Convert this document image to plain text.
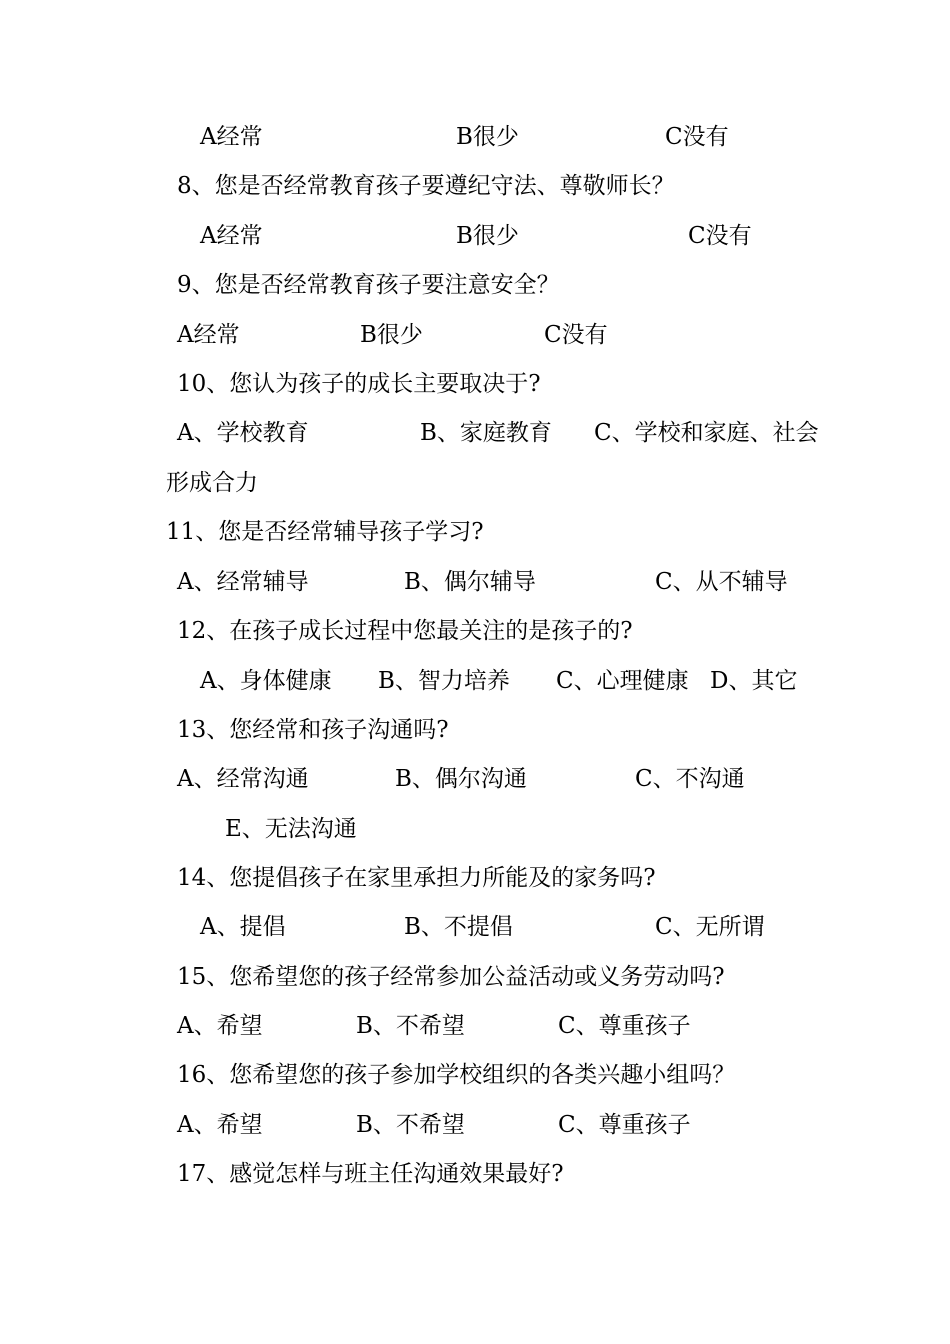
A经常	B很少	C没有
8、您是否经常教育孩子要遵纪守法、尊敬师长？
A经常	B很少	C没有
9、您是否经常教育孩子要注意安全？
A经常	B很少	C没有
10、您认为孩子的成长主要取决于?
A、学校教育	B、家庭教育 C、学校和家庭、社会
形成合力
11、您是否经常辅导孩子学习?
A、经常辅导	B、偶尔辅导	C、从不辅导
12、在孩子成长过程中您最关注的是孩子的?
A、身体健康 B、智力培养 C、心理健康 D、其它
13、您经常和孩子沟通吗?
A、经常沟通	B、偶尔沟通	C、不沟通
E、无法沟通
14、您提倡孩子在家里承担力所能及的家务吗?
A、提倡	B、不提倡	C、无所谓
15、您希望您的孩子经常参加公益活动或义务劳动吗?
A、希望	B、不希望	C、尊重孩子
16、您希望您的孩子参加学校组织的各类兴趣小组吗？
A、希望	B、不希望	C、尊重孩子
17、感觉怎样与班主任沟通效果最好?
